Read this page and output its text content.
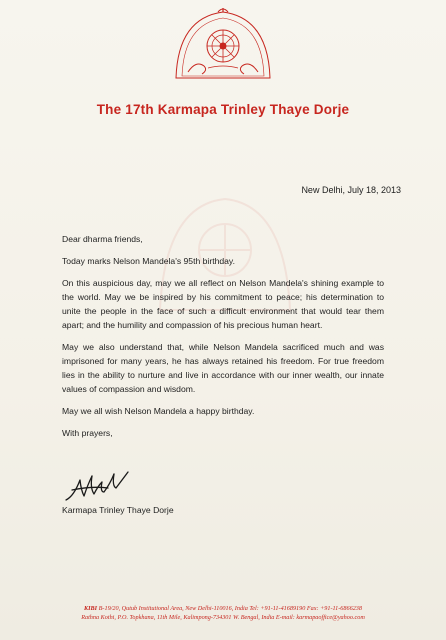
The 17th Karmapa Trinley Thaye Dorje
New Delhi, July 18, 2013

Dear dharma friends,

Today marks Nelson Mandela's 95th birthday.

On this auspicious day, may we all reflect on Nelson Mandela's shining example to the world. May we be inspired by his commitment to peace; his determination to unite the people in the face of such a difficult environment that would tear them apart; and the humility and compassion of his precious human heart.

May we also understand that, while Nelson Mandela sacrificed much and was imprisoned for many years, he has always retained his freedom. For true freedom lies in the ability to nurture and live in accordance with our inner wealth, our innate values of compassion and wisdom.

May we all wish Nelson Mandela a happy birthday.

With prayers,

Karmapa Trinley Thaye Dorje
KIBI B-19/20, Qutub Institutional Area, New Delhi-110016, India Tel: +91-11-41689190 Fax: +91-11-6866238
Rathna Kothi, P.O. Topkhana, 11th Mile, Kalimpong-734301 W. Bengal, India E-mail: karmapaoffice@yahoo.com
